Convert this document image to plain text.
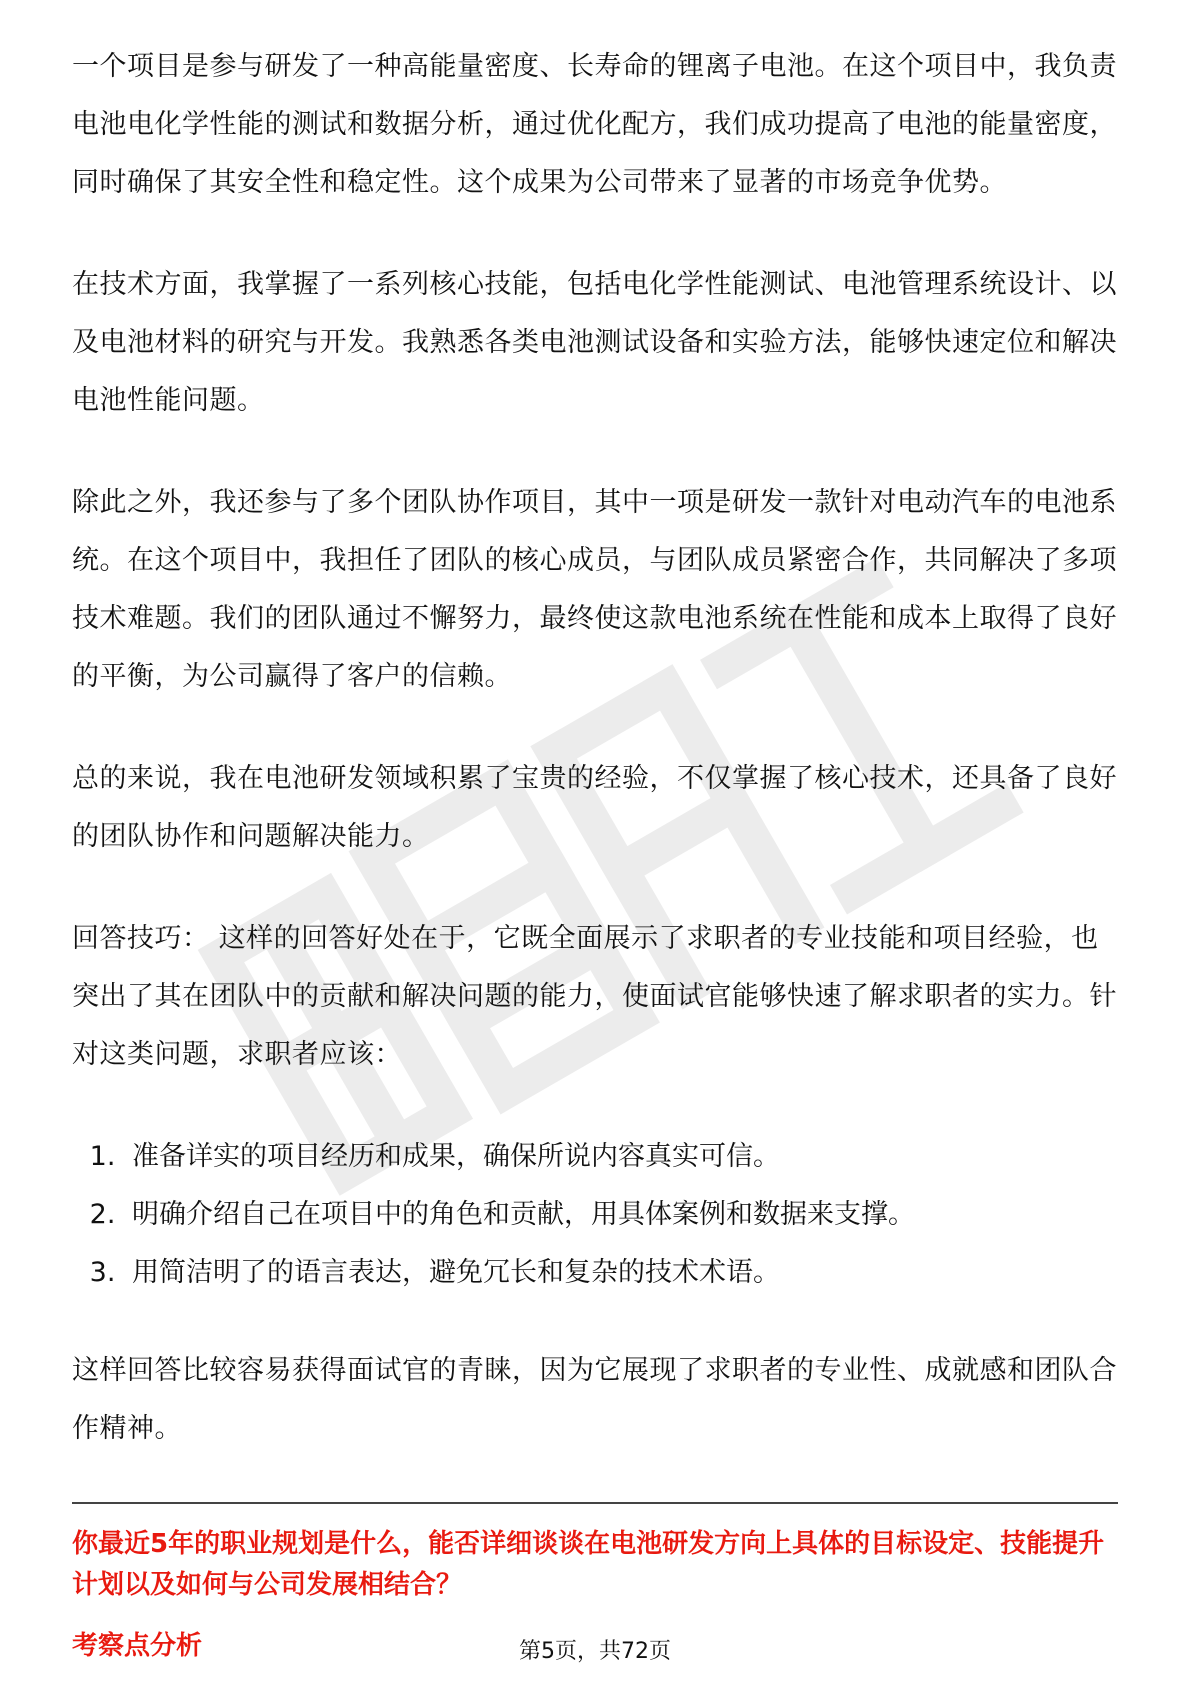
一个项目是参与研发了一种高能量密度、长寿命的锂离子电池。在这个项目中，我负责电池电化学性能的测试和数据分析，通过优化配方，我们成功提高了电池的能量密度，同时确保了其安全性和稳定性。这个成果为公司带来了显著的市场竞争优势。

在技术方面，我掌握了一系列核心技能，包括电化学性能测试、电池管理系统设计、以及电池材料的研究与开发。我熟悉各类电池测试设备和实验方法，能够快速定位和解决电池性能问题。

除此之外，我还参与了多个团队协作项目，其中一项是研发一款针对电动汽车的电池系统。在这个项目中，我担任了团队的核心成员，与团队成员紧密合作，共同解决了多项技术难题。我们的团队通过不懈努力，最终使这款电池系统在性能和成本上取得了良好的平衡，为公司赢得了客户的信赖。

总的来说，我在电池研发领域积累了宝贵的经验，不仅掌握了核心技术，还具备了良好的团队协作和问题解决能力。

回答技巧： 这样的回答好处在于，它既全面展示了求职者的专业技能和项目经验，也突出了其在团队中的贡献和解决问题的能力，使面试官能够快速了解求职者的实力。针对这类问题，求职者应该：

1. 准备详实的项目经历和成果，确保所说内容真实可信。
2. 明确介绍自己在项目中的角色和贡献，用具体案例和数据来支撑。
3. 用简洁明了的语言表达，避免冗长和复杂的技术术语。

这样回答比较容易获得面试官的青睐，因为它展现了求职者的专业性、成就感和团队合作精神。

你最近5年的职业规划是什么，能否详细谈谈在电池研发方向上具体的目标设定、技能提升计划以及如何与公司发展相结合？

考察点分析	第5页，共72页
